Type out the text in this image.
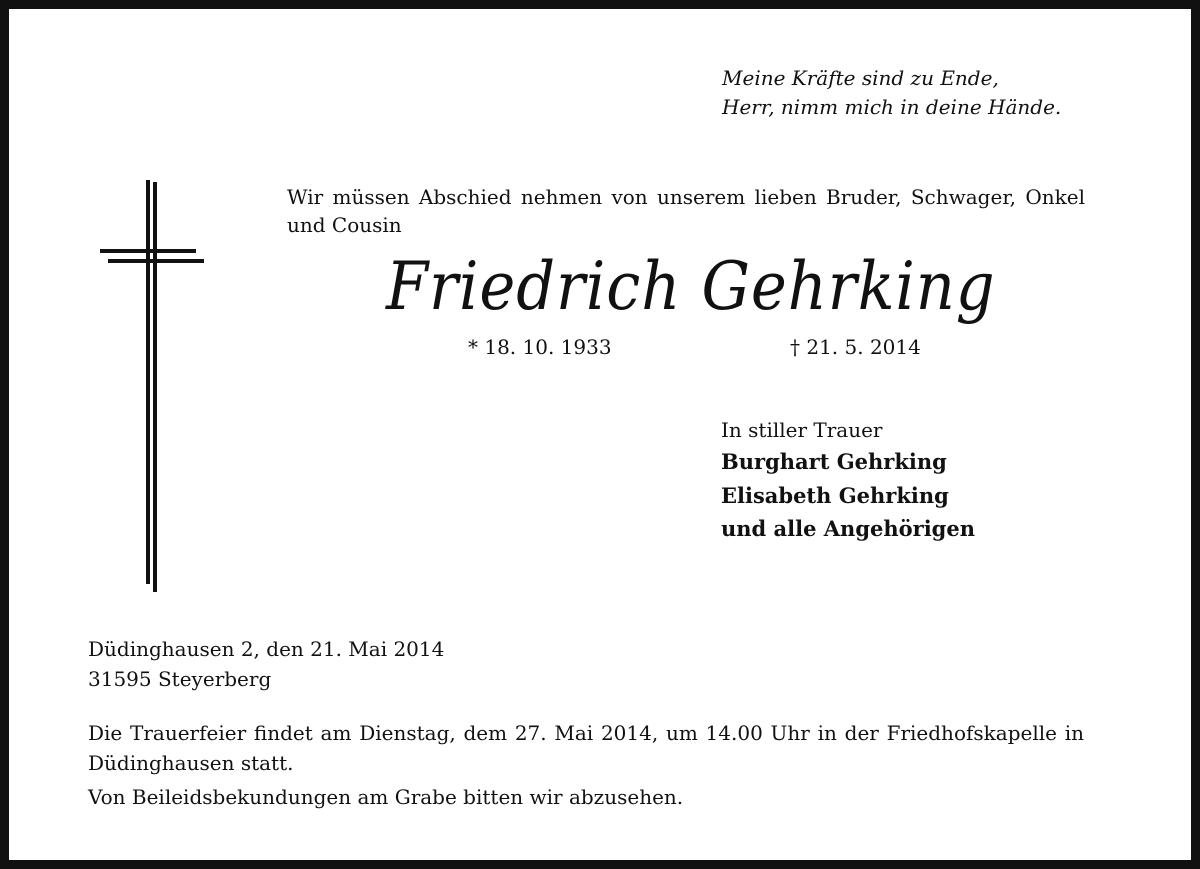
Meine Kräfte sind zu Ende,
Herr, nimm mich in deine Hände.
Wir müssen Abschied nehmen von unserem lieben Bruder, Schwager, Onkel und Cousin
Friedrich Gehrking
* 18. 10. 1933	† 21. 5. 2014
In stiller Trauer
Burghart Gehrking
Elisabeth Gehrking
und alle Angehörigen
Düdinghausen 2, den 21. Mai 2014
31595 Steyerberg
Die Trauerfeier findet am Dienstag, dem 27. Mai 2014, um 14.00 Uhr in der Friedhofskapelle in Düdinghausen statt.
Von Beileidsbekundungen am Grabe bitten wir abzusehen.
